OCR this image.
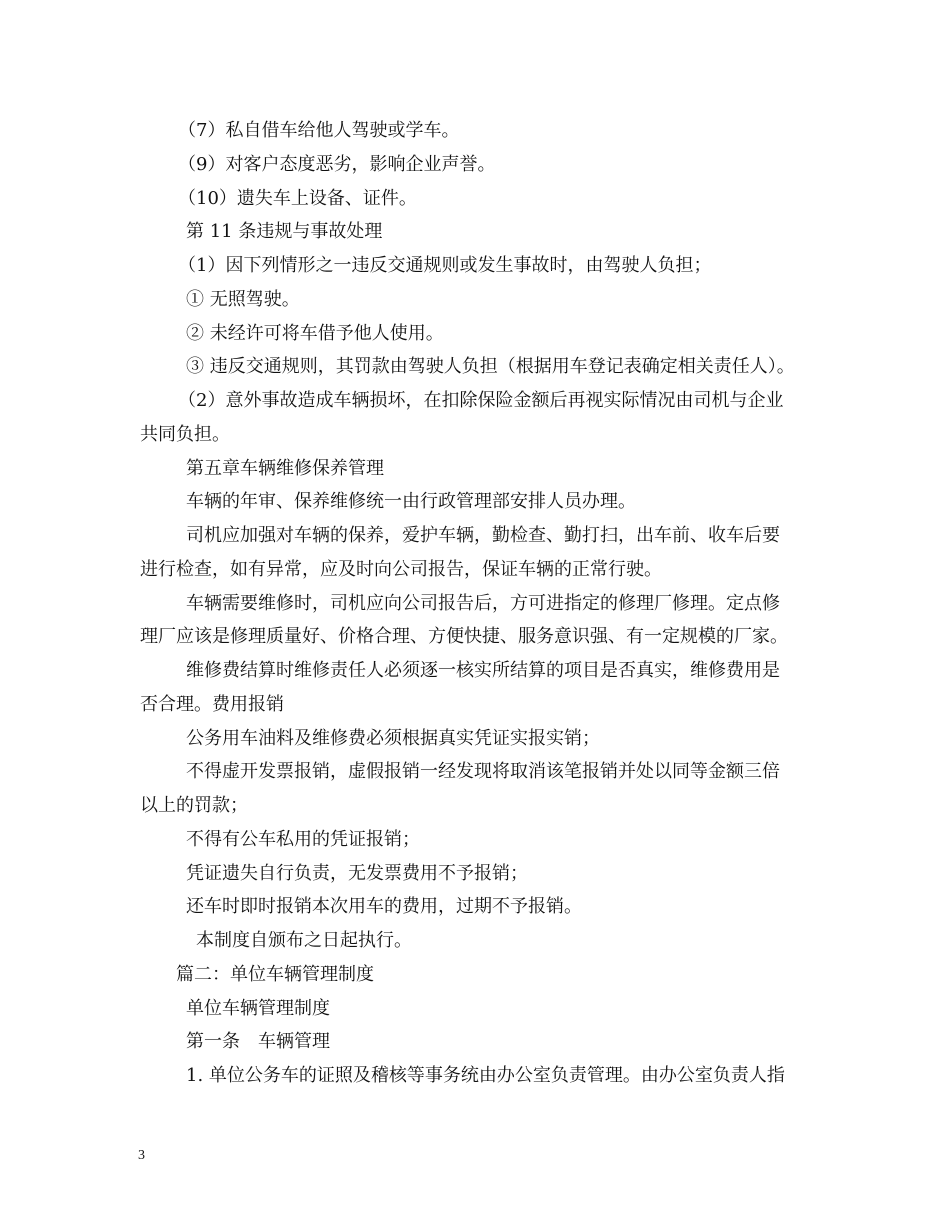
（7）私自借车给他人驾驶或学车。
（9）对客户态度恶劣，影响企业声誉。
（10）遗失车上设备、证件。
第 11 条违规与事故处理
（1）因下列情形之一违反交通规则或发生事故时，由驾驶人负担；
① 无照驾驶。
② 未经许可将车借予他人使用。
③ 违反交通规则，其罚款由驾驶人负担（根据用车登记表确定相关责任人）。
（2）意外事故造成车辆损坏，在扣除保险金额后再视实际情况由司机与企业
共同负担。
第五章车辆维修保养管理
车辆的年审、保养维修统一由行政管理部安排人员办理。
司机应加强对车辆的保养，爱护车辆，勤检查、勤打扫，出车前、收车后要
进行检查，如有异常，应及时向公司报告，保证车辆的正常行驶。
车辆需要维修时，司机应向公司报告后，方可进指定的修理厂修理。定点修
理厂应该是修理质量好、价格合理、方便快捷、服务意识强、有一定规模的厂家。
维修费结算时维修责任人必须逐一核实所结算的项目是否真实，维修费用是
否合理。费用报销
公务用车油料及维修费必须根据真实凭证实报实销；
不得虚开发票报销，虚假报销一经发现将取消该笔报销并处以同等金额三倍
以上的罚款；
不得有公车私用的凭证报销；
凭证遗失自行负责，无发票费用不予报销；
还车时即时报销本次用车的费用，过期不予报销。
本制度自颁布之日起执行。
篇二：单位车辆管理制度
单位车辆管理制度
第一条　车辆管理
1. 单位公务车的证照及稽核等事务统由办公室负责管理。由办公室负责人指
3
